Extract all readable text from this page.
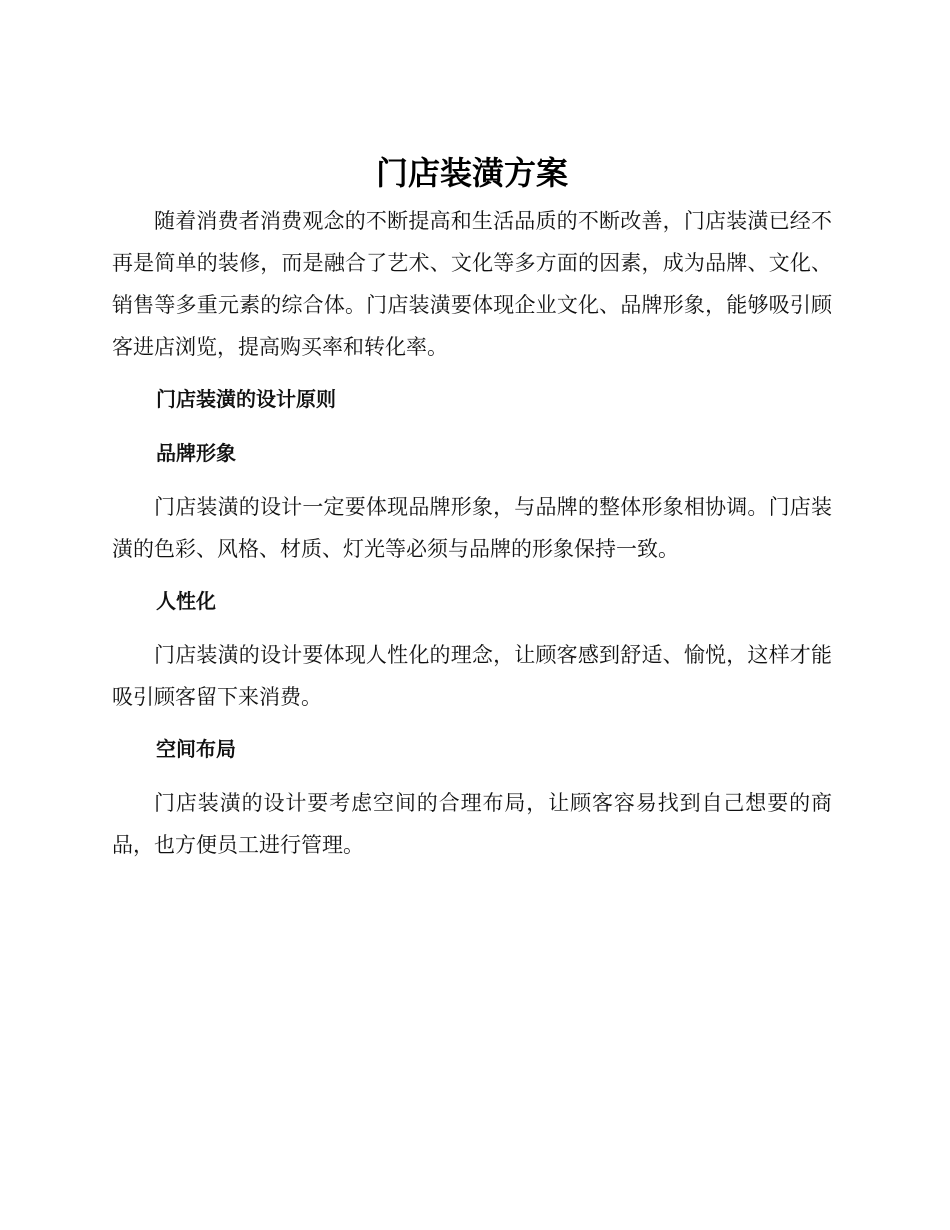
门店装潢方案

随着消费者消费观念的不断提高和生活品质的不断改善，门店装潢已经不再是简单的装修，而是融合了艺术、文化等多方面的因素，成为品牌、文化、销售等多重元素的综合体。门店装潢要体现企业文化、品牌形象，能够吸引顾客进店浏览，提高购买率和转化率。

门店装潢的设计原则
品牌形象

门店装潢的设计一定要体现品牌形象，与品牌的整体形象相协调。门店装潢的色彩、风格、材质、灯光等必须与品牌的形象保持一致。

人性化

门店装潢的设计要体现人性化的理念，让顾客感到舒适、愉悦，这样才能吸引顾客留下来消费。

空间布局

门店装潢的设计要考虑空间的合理布局，让顾客容易找到自己想要的商品，也方便员工进行管理。
